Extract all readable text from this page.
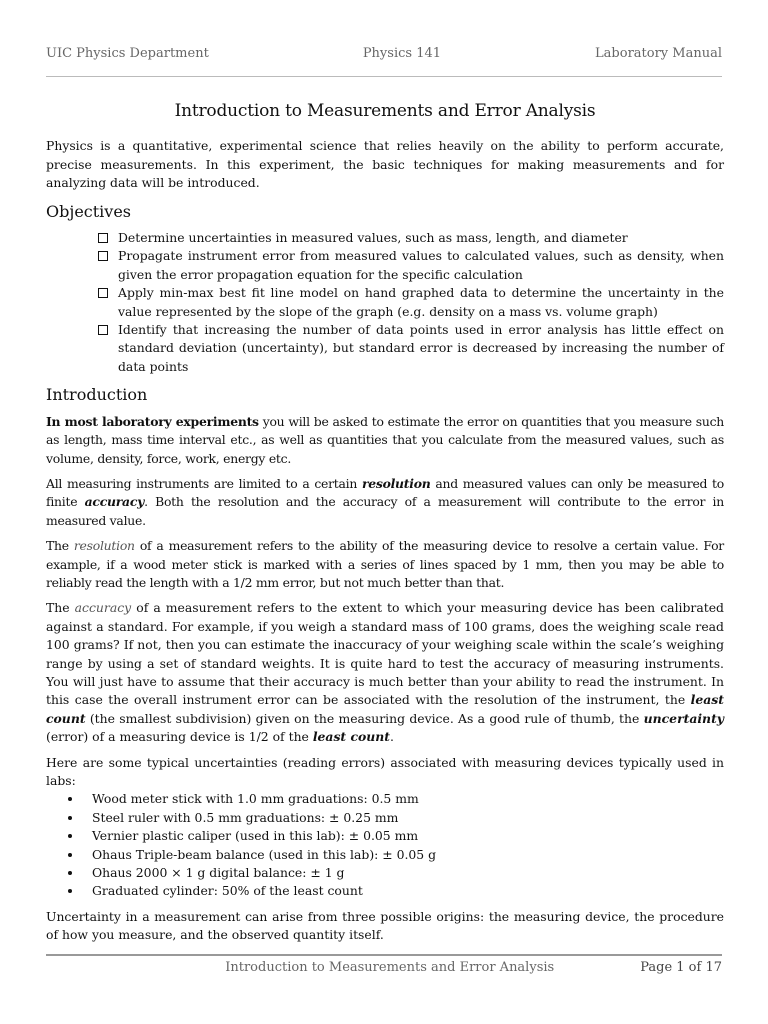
UIC Physics Department	Physics 141	Laboratory Manual
Introduction to Measurements and Error Analysis

Physics is a quantitative, experimental science that relies heavily on the ability to perform accurate, precise measurements. In this experiment, the basic techniques for making measurements and for analyzing data will be introduced.

Objectives
Determine uncertainties in measured values, such as mass, length, and diameter
Propagate instrument error from measured values to calculated values, such as density, when given the error propagation equation for the specific calculation
Apply min-max best fit line model on hand graphed data to determine the uncertainty in the value represented by the slope of the graph (e.g. density on a mass vs. volume graph)
Identify that increasing the number of data points used in error analysis has little effect on standard deviation (uncertainty), but standard error is decreased by increasing the number of data points
Introduction

In most laboratory experiments you will be asked to estimate the error on quantities that you measure such as length, mass time interval etc., as well as quantities that you calculate from the measured values, such as volume, density, force, work, energy etc.

All measuring instruments are limited to a certain resolution and measured values can only be measured to finite accuracy. Both the resolution and the accuracy of a measurement will contribute to the error in measured value.

The resolution of a measurement refers to the ability of the measuring device to resolve a certain value. For example, if a wood meter stick is marked with a series of lines spaced by 1 mm, then you may be able to reliably read the length with a 1/2 mm error, but not much better than that.

The accuracy of a measurement refers to the extent to which your measuring device has been calibrated against a standard. For example, if you weigh a standard mass of 100 grams, does the weighing scale read 100 grams? If not, then you can estimate the inaccuracy of your weighing scale within the scale’s weighing range by using a set of standard weights. It is quite hard to test the accuracy of measuring instruments. You will just have to assume that their accuracy is much better than your ability to read the instrument. In this case the overall instrument error can be associated with the resolution of the instrument, the least count (the smallest subdivision) given on the measuring device. As a good rule of thumb, the uncertainty (error) of a measuring device is 1/2 of the least count.

Here are some typical uncertainties (reading errors) associated with measuring devices typically used in labs:

Wood meter stick with 1.0 mm graduations: 0.5 mm
Steel ruler with 0.5 mm graduations: ± 0.25 mm
Vernier plastic caliper (used in this lab): ± 0.05 mm
Ohaus Triple-beam balance (used in this lab): ± 0.05 g
Ohaus 2000 × 1 g digital balance: ± 1 g
Graduated cylinder: 50% of the least count

Uncertainty in a measurement can arise from three possible origins: the measuring device, the procedure of how you measure, and the observed quantity itself.

Introduction to Measurements and Error Analysis	Page 1 of 17
